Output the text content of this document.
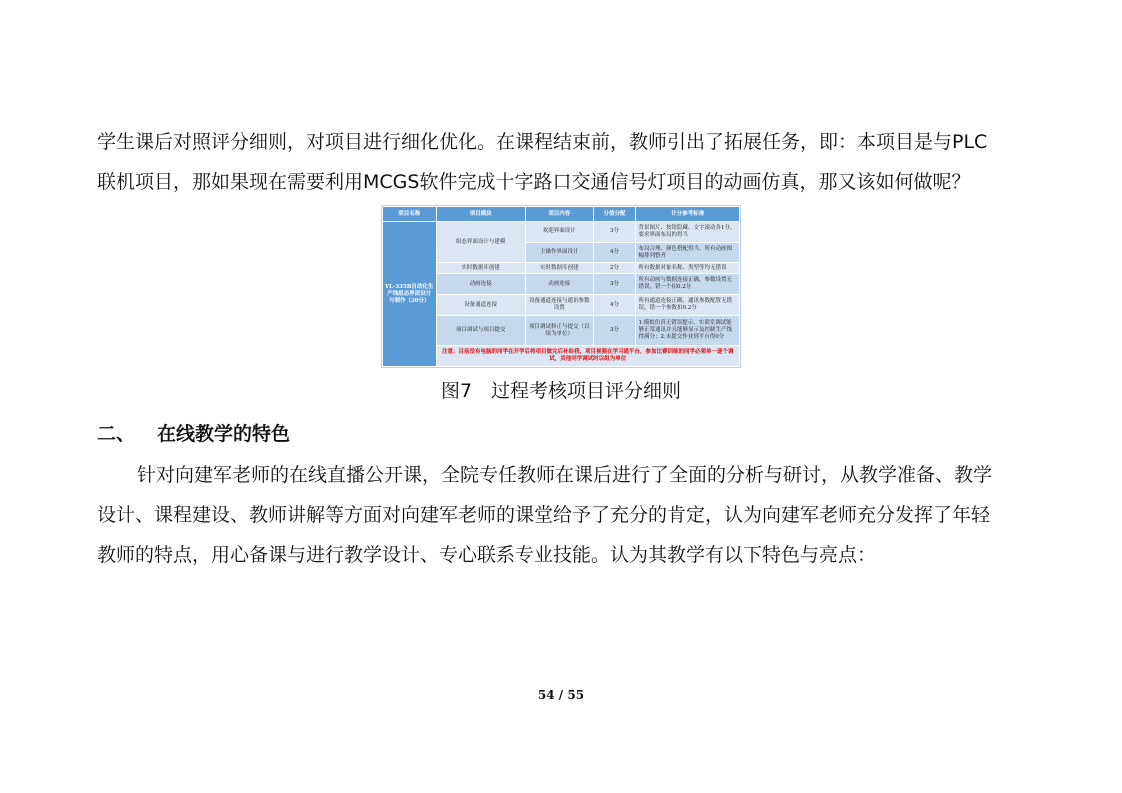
学生课后对照评分细则，对项目进行细化优化。在课程结束前，教师引出了拓展任务，即：本项目是与PLC
联机项目，那如果现在需要利用MCGS软件完成十字路口交通信号灯项目的动画仿真，那又该如何做呢？

项目名称	项目模块	项目内容	分值分配	计分参考标准
YL-335B自动化生产线组态界面设计与制作（20分）	组态界面设计与建模	欢迎界面设计	3分	背景图片、按钮隐藏、文字滚动各1分，要求界面布局的得当
		主操作界面设计	4分	布局合理、颜色搭配得当、所有动画图幅排列整齐
	实时数据库创建	实时数据库创建	2分	所有数据对象名称、类型等均无错误
	动画连接	动画连接	3分	所有动画与数据连接正确，参数设置无错误，错一个扣0.2分
	设备通道连接	设备通道连接与通讯参数设置	4分	所有通道连接正确、通讯参数配置无错误，错一个参数扣0.2分
	项目调试与项目提交	项目调试修正与提交（以组为单位）	3分	1.模拟仿真无错误提示、实训室调试能够正常通讯并且能够显示及控制生产线得满分；2.未提交作业到平台得0分
	注意：目前没有电脑的同学在开学后将项目做完后补给我，项目视频在学习通平台，参加比赛训练的同学必须单一逐个调试，其他同学调试时以组为单位			

图7　过程考核项目评分细则

二、 在线教学的特色

针对向建军老师的在线直播公开课，全院专任教师在课后进行了全面的分析与研讨，从教学准备、教学
设计、课程建设、教师讲解等方面对向建军老师的课堂给予了充分的肯定，认为向建军老师充分发挥了年轻
教师的特点，用心备课与进行教学设计、专心联系专业技能。认为其教学有以下特色与亮点：

54 / 55
